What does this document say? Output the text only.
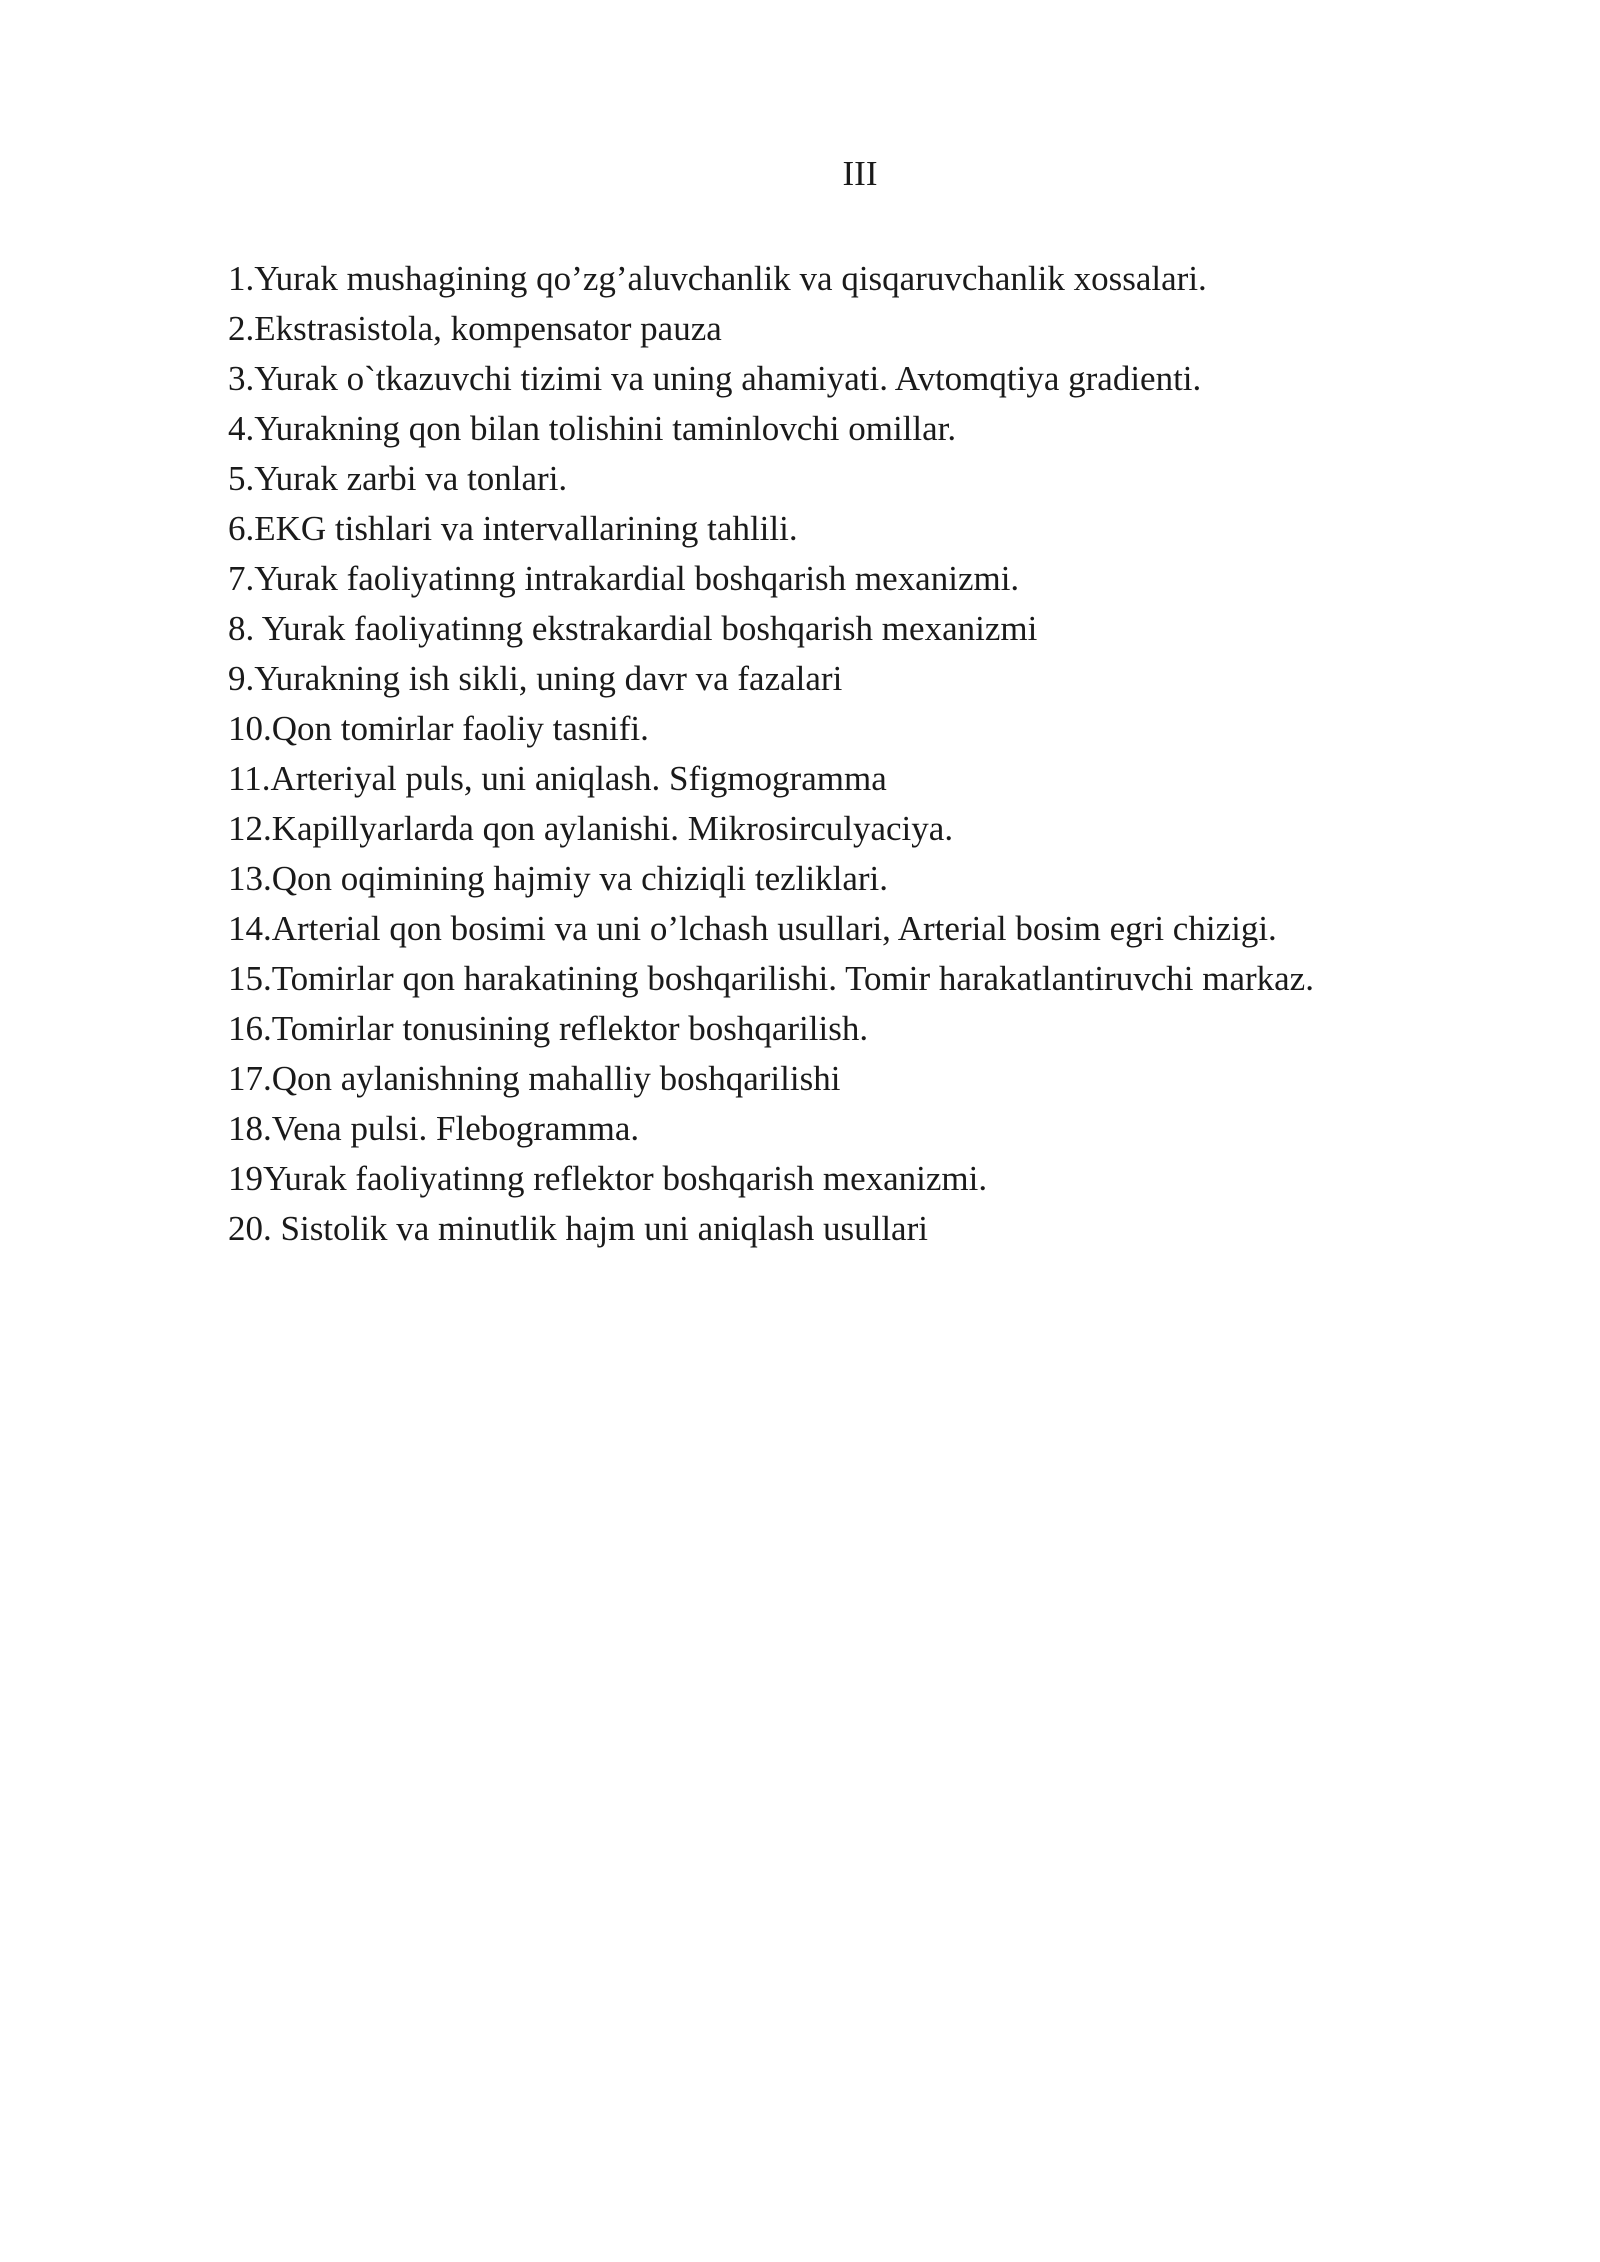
III
1.Yurak mushagining qo’zg’aluvchanlik va qisqaruvchanlik xossalari.
2.Ekstrasistola, kompensator pauza
3.Yurak o`tkazuvchi tizimi va uning ahamiyati. Avtomqtiya gradienti.
4.Yurakning qon bilan tolishini taminlovchi omillar.
5.Yurak zarbi va tonlari.
6.EKG tishlari va intervallarining tahlili.
7.Yurak faoliyatinng intrakardial boshqarish mexanizmi.
8. Yurak faoliyatinng ekstrakardial boshqarish mexanizmi
9.Yurakning ish sikli, uning davr va fazalari
10.Qon tomirlar faoliy tasnifi.
11.Arteriyal puls, uni aniqlash. Sfigmogramma
12.Kapillyarlarda qon aylanishi. Mikrosirculyaciya.
13.Qon oqimining hajmiy va chiziqli tezliklari.
14.Arterial qon bosimi va uni o’lchash usullari, Arterial bosim egri chizigi.
15.Tomirlar qon harakatining boshqarilishi. Tomir harakatlantiruvchi markaz.
16.Tomirlar tonusining reflektor boshqarilish.
17.Qon aylanishning mahalliy boshqarilishi
18.Vena pulsi. Flebogramma.
19Yurak faoliyatinng reflektor boshqarish mexanizmi.
20. Sistolik va minutlik hajm uni aniqlash usullari
